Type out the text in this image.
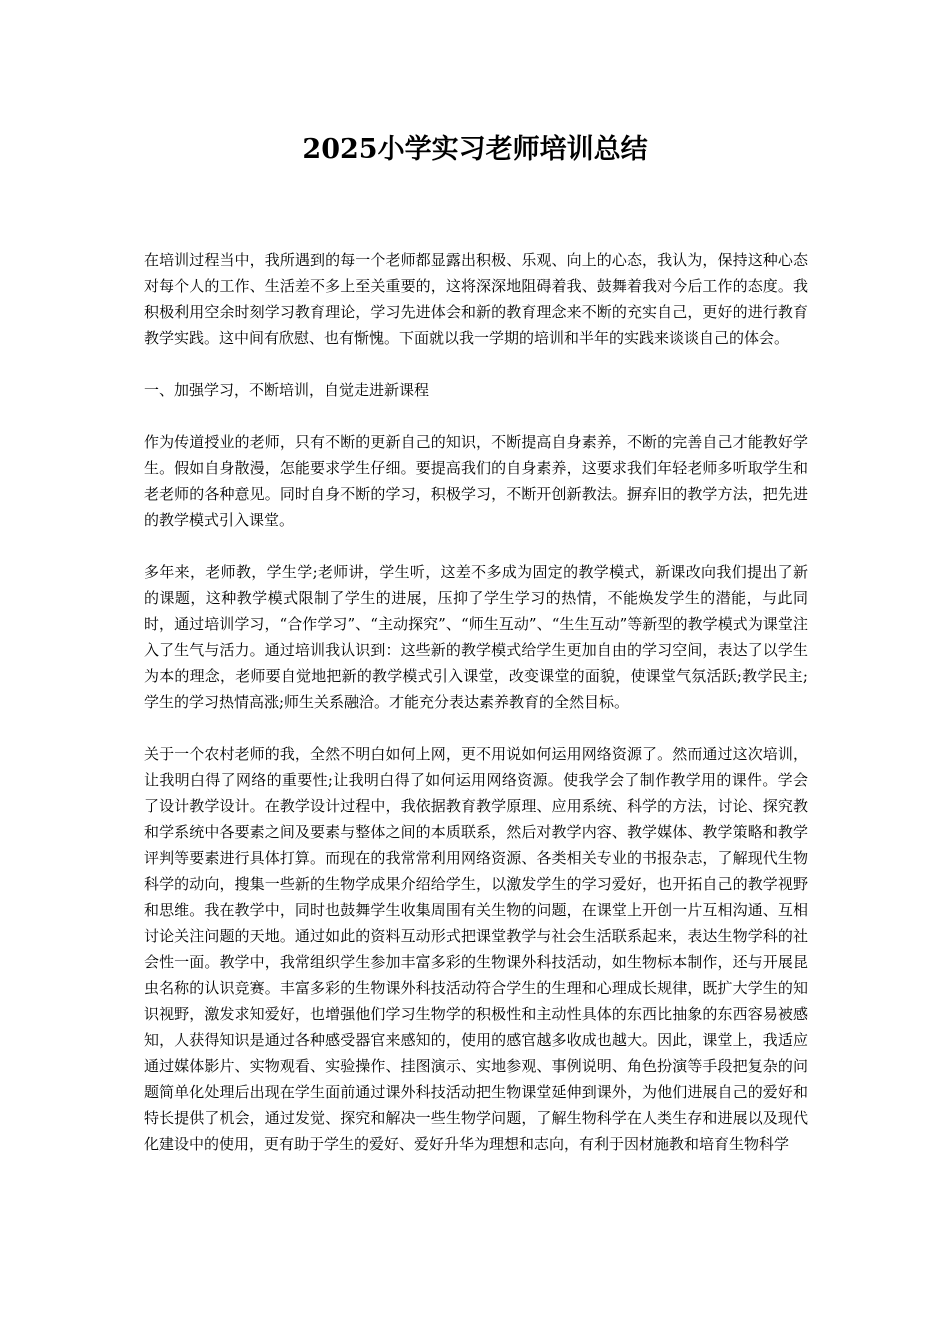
2025小学实习老师培训总结

在培训过程当中，我所遇到的每一个老师都显露出积极、乐观、向上的心态，我认为，保持这种心态对每个人的工作、生活差不多上至关重要的，这将深深地阻碍着我、鼓舞着我对今后工作的态度。我积极利用空余时刻学习教育理论，学习先进体会和新的教育理念来不断的充实自己，更好的进行教育教学实践。这中间有欣慰、也有惭愧。下面就以我一学期的培训和半年的实践来谈谈自己的体会。

一、加强学习，不断培训，自觉走进新课程

作为传道授业的老师，只有不断的更新自己的知识，不断提高自身素养，不断的完善自己才能教好学生。假如自身散漫，怎能要求学生仔细。要提高我们的自身素养，这要求我们年轻老师多听取学生和老老师的各种意见。同时自身不断的学习，积极学习，不断开创新教法。摒弃旧的教学方法，把先进的教学模式引入课堂。

多年来，老师教，学生学;老师讲，学生听，这差不多成为固定的教学模式，新课改向我们提出了新的课题，这种教学模式限制了学生的进展，压抑了学生学习的热情，不能焕发学生的潜能，与此同时，通过培训学习，“合作学习”、“主动探究”、“师生互动”、“生生互动”等新型的教学模式为课堂注入了生气与活力。通过培训我认识到：这些新的教学模式给学生更加自由的学习空间，表达了以学生为本的理念，老师要自觉地把新的教学模式引入课堂，改变课堂的面貌，使课堂气氛活跃;教学民主;学生的学习热情高涨;师生关系融洽。才能充分表达素养教育的全然目标。

关于一个农村老师的我，全然不明白如何上网，更不用说如何运用网络资源了。然而通过这次培训，让我明白得了网络的重要性;让我明白得了如何运用网络资源。使我学会了制作教学用的课件。学会了设计教学设计。在教学设计过程中，我依据教育教学原理、应用系统、科学的方法，讨论、探究教和学系统中各要素之间及要素与整体之间的本质联系，然后对教学内容、教学媒体、教学策略和教学评判等要素进行具体打算。而现在的我常常利用网络资源、各类相关专业的书报杂志，了解现代生物科学的动向，搜集一些新的生物学成果介绍给学生，以激发学生的学习爱好，也开拓自己的教学视野和思维。我在教学中，同时也鼓舞学生收集周围有关生物的问题，在课堂上开创一片互相沟通、互相讨论关注问题的天地。通过如此的资料互动形式把课堂教学与社会生活联系起来，表达生物学科的社会性一面。教学中，我常组织学生参加丰富多彩的生物课外科技活动，如生物标本制作，还与开展昆虫名称的认识竞赛。丰富多彩的生物课外科技活动符合学生的生理和心理成长规律，既扩大学生的知识视野，激发求知爱好，也增强他们学习生物学的积极性和主动性具体的东西比抽象的东西容易被感知，人获得知识是通过各种感受器官来感知的，使用的感官越多收成也越大。因此，课堂上，我适应通过媒体影片、实物观看、实验操作、挂图演示、实地参观、事例说明、角色扮演等手段把复杂的问题简单化处理后出现在学生面前通过课外科技活动把生物课堂延伸到课外，为他们进展自己的爱好和特长提供了机会，通过发觉、探究和解决一些生物学问题，了解生物科学在人类生存和进展以及现代化建设中的使用，更有助于学生的爱好、爱好升华为理想和志向，有利于因材施教和培育生物科学
